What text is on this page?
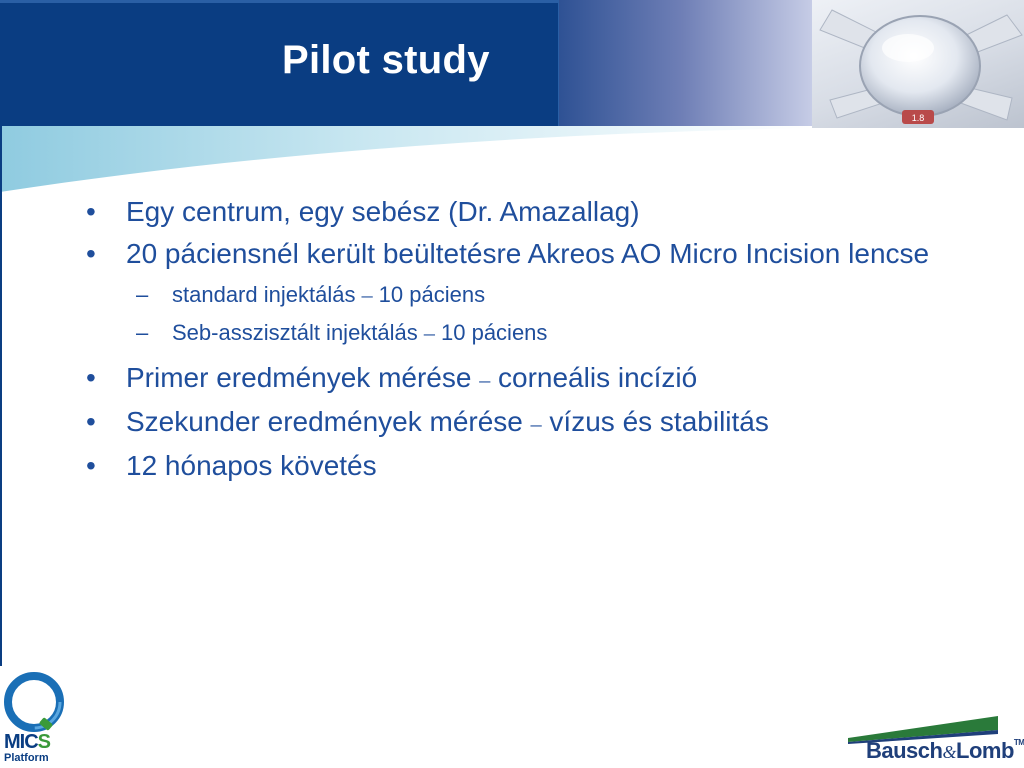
Pilot study
1.8
• Egy centrum, egy sebész (Dr. Amazallag)
• 20 páciensnél került beültetésre Akreos AO Micro Incision lencse
– standard injektálás – 10 páciens
– Seb-asszisztált injektálás – 10 páciens
• Primer eredmények mérése – corneális incízió
• Szekunder eredmények mérése – vízus és stabilitás
• 12 hónapos követés
MICS
Platform	Bausch&Lomb™
